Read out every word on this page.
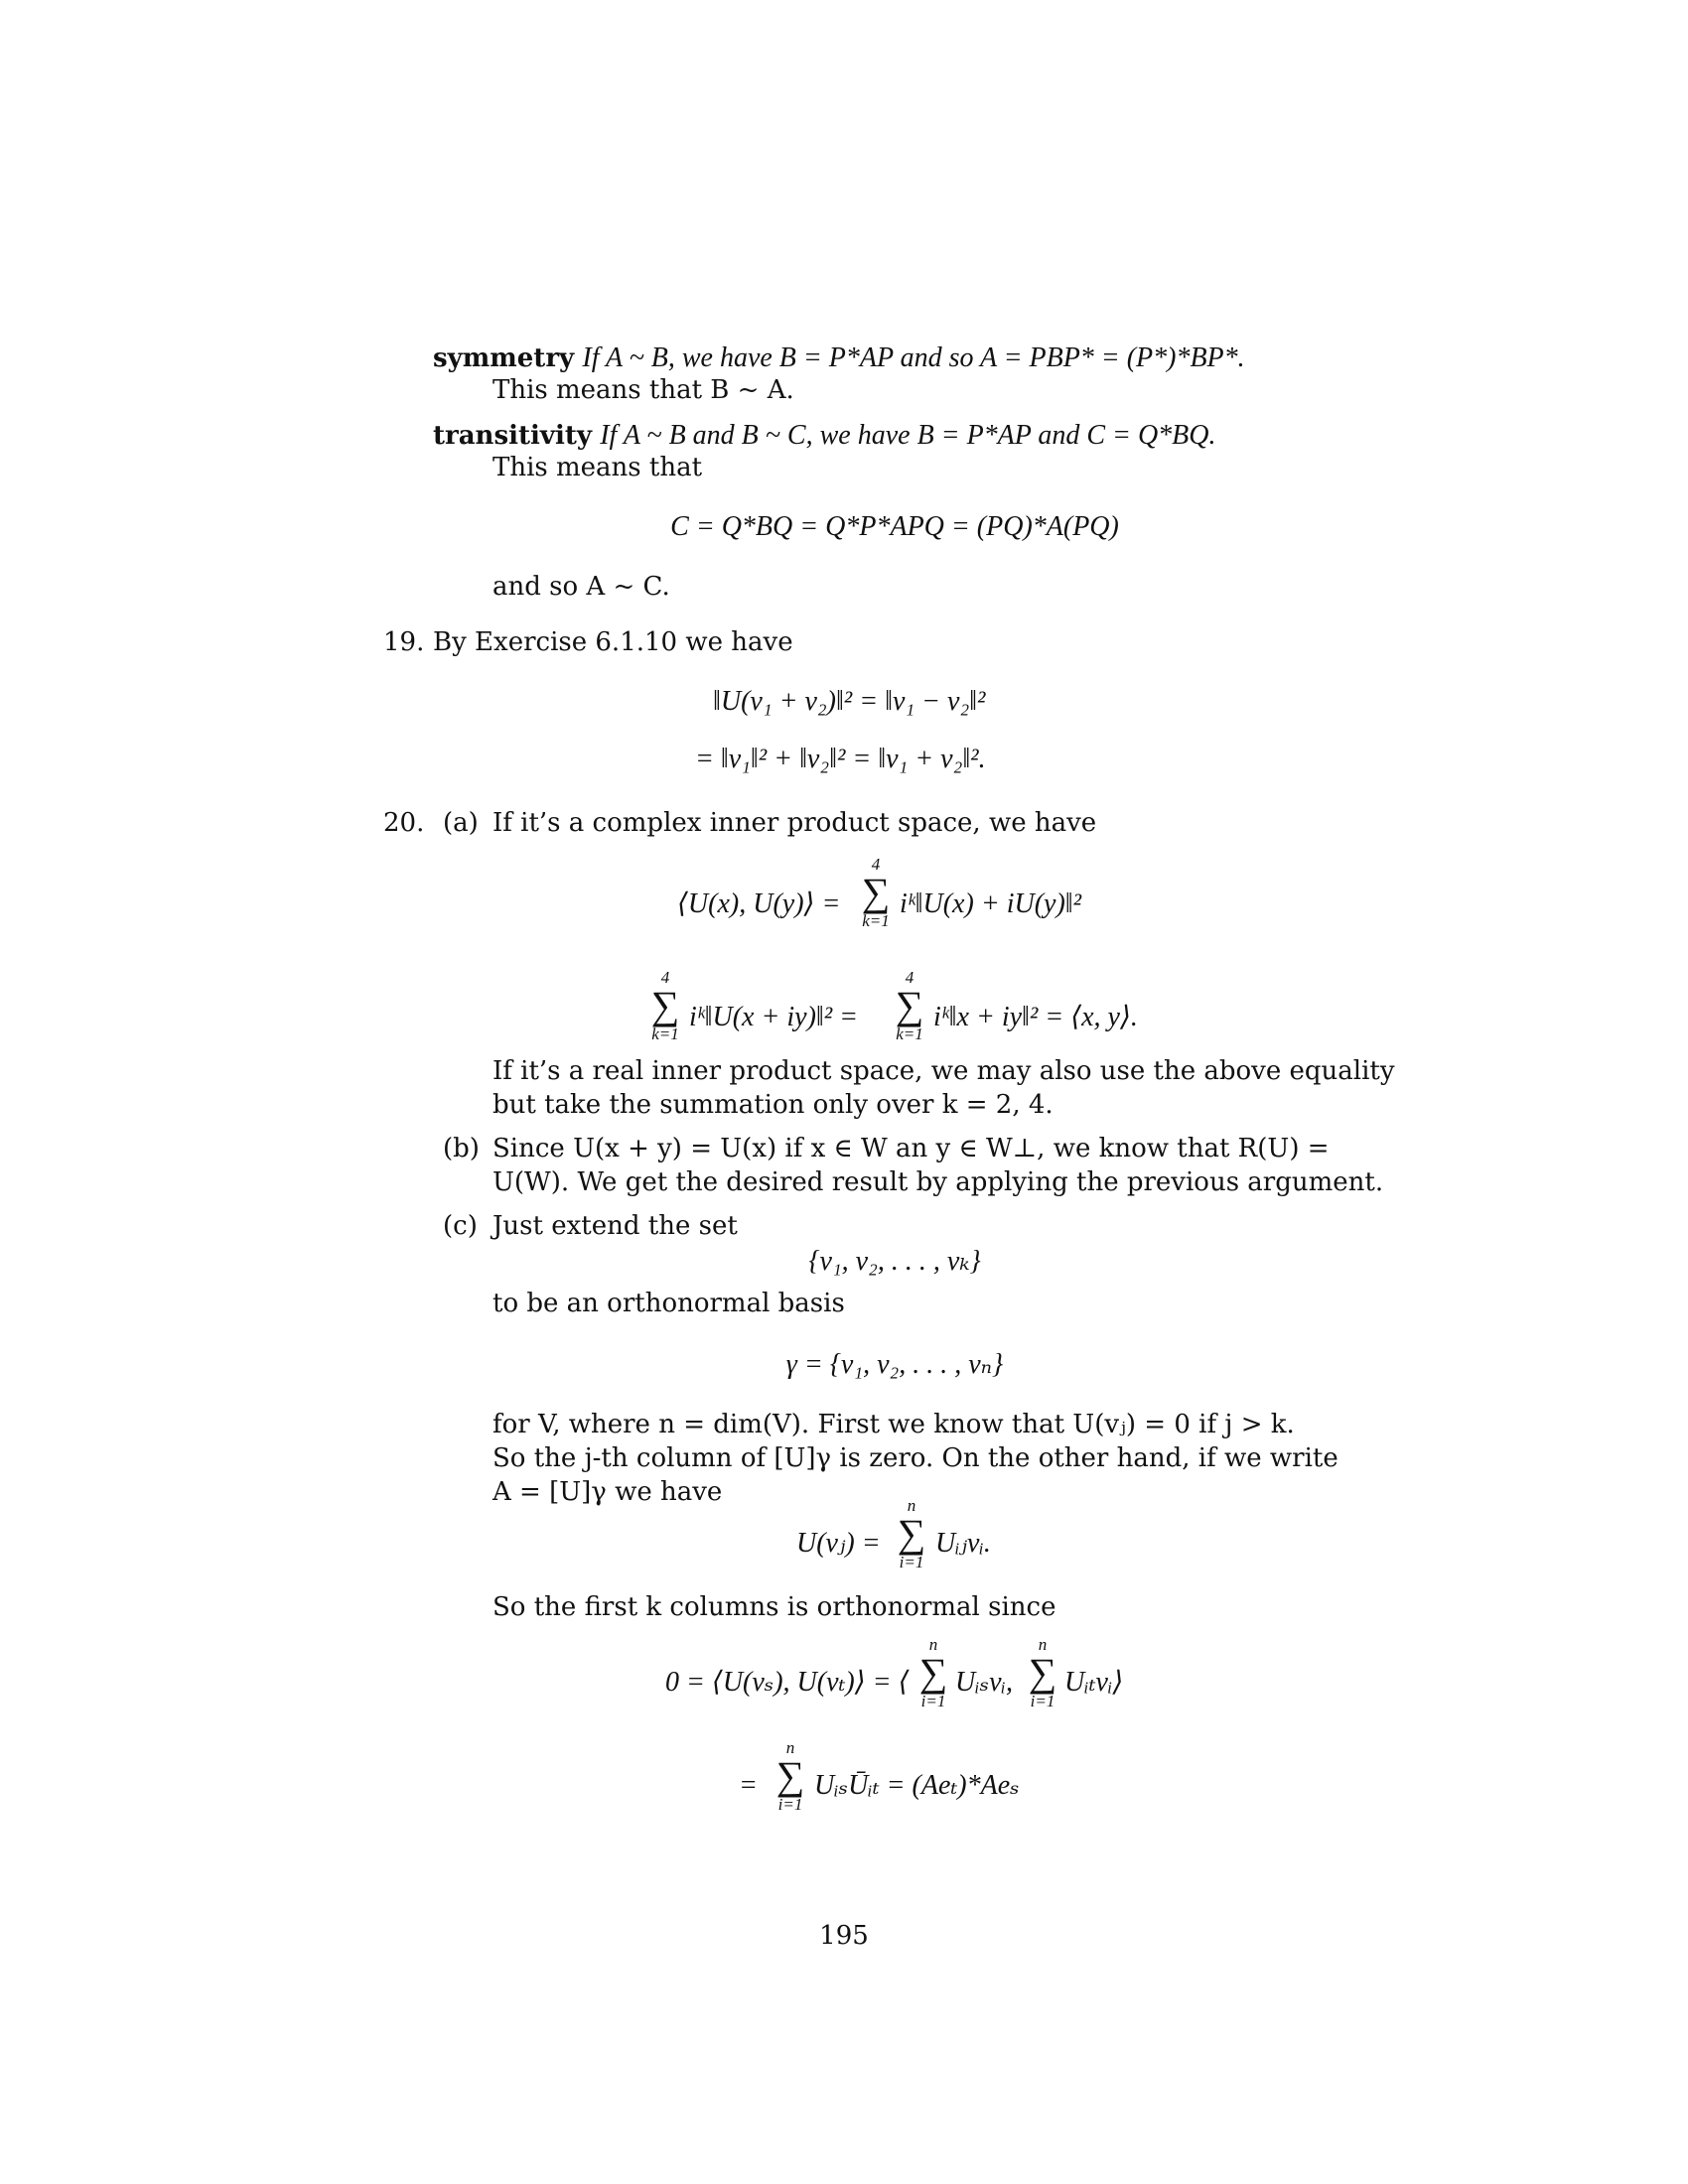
symmetry If A ~ B, we have B = P*AP and so A = PBP* = (P*)*BP*.
This means that B ~ A.
transitivity If A ~ B and B ~ C, we have B = P*AP and C = Q*BQ.
This means that
C = Q*BQ = Q*P*APQ = (PQ)*A(PQ)
and so A ~ C.
19. By Exercise 6.1.10 we have
‖U(v₁ + v₂)‖² = ‖v₁ − v₂‖²
= ‖v₁‖² + ‖v₂‖² = ‖v₁ + v₂‖².
20. (a) If it’s a complex inner product space, we have
⟨U(x), U(y)⟩ =
4
∑
k=1
iᵏ‖U(x) + iU(y)‖²
4
∑
k=1
iᵏ‖U(x + iy)‖² =
4
∑
k=1
iᵏ‖x + iy‖² = ⟨x, y⟩.
If it’s a real inner product space, we may also use the above equality
but take the summation only over k = 2, 4.
(b) Since U(x + y) = U(x) if x ∈ W an y ∈ W⊥, we know that R(U) =
U(W). We get the desired result by applying the previous argument.
(c) Just extend the set
{v₁, v₂, . . . , vₖ}
to be an orthonormal basis
γ = {v₁, v₂, . . . , vₙ}
for V, where n = dim(V). First we know that U(vⱼ) = 0 if j > k.
So the j-th column of [U]γ is zero. On the other hand, if we write
A = [U]γ we have
U(vⱼ) =
n
∑
i=1
Uᵢⱼvᵢ.
So the first k columns is orthonormal since
0 = ⟨U(vₛ), U(vₜ)⟩ = ⟨
n
∑
i=1
Uᵢₛvᵢ,
n
∑
i=1
Uᵢₜvᵢ⟩
=
n
∑
i=1
UᵢₛŪᵢₜ = (Aeₜ)*Aeₛ
195
